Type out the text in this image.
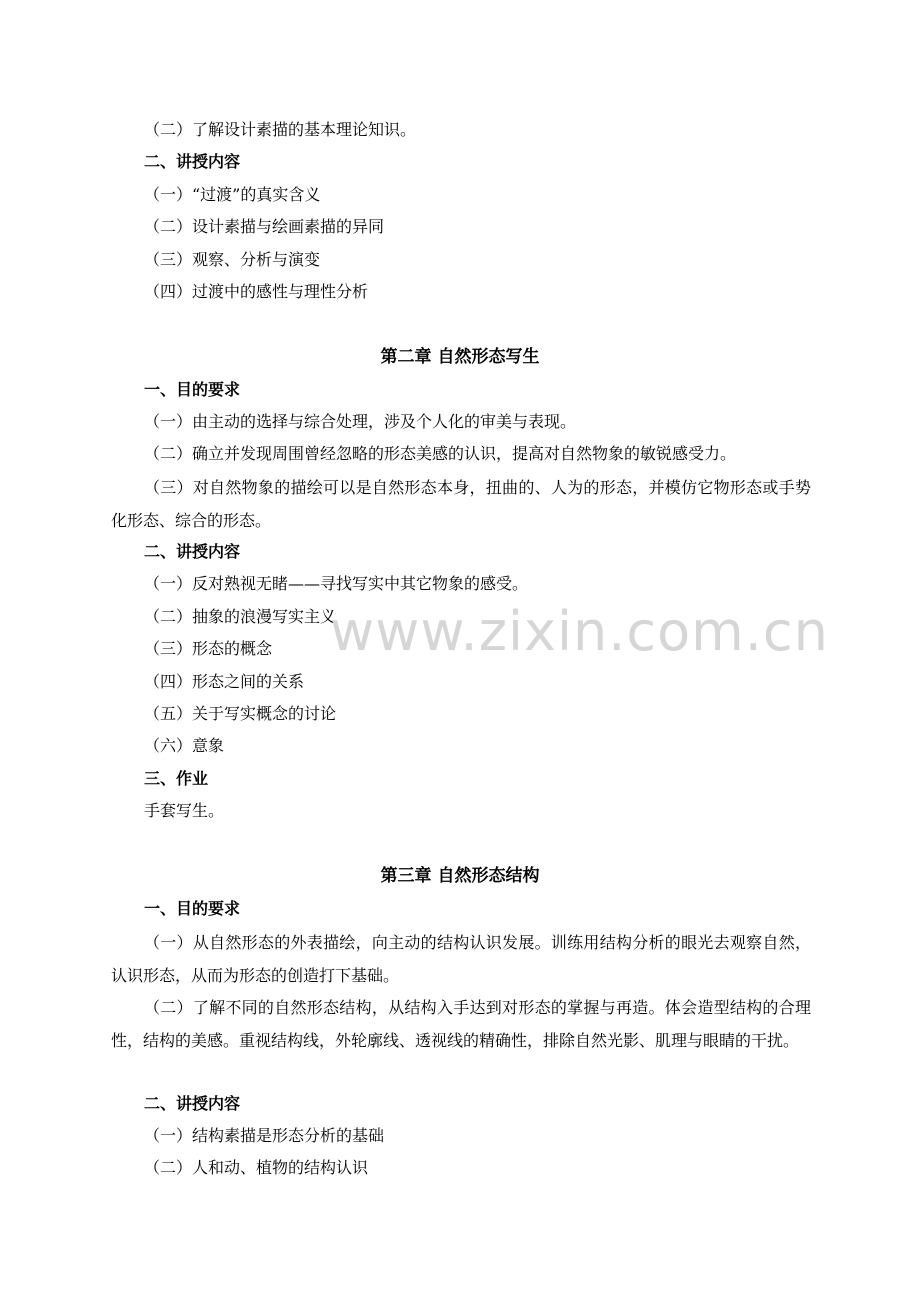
（二）了解设计素描的基本理论知识。
二、讲授内容
（一）“过渡”的真实含义
（二）设计素描与绘画素描的异同
（三）观察、分析与演变
（四）过渡中的感性与理性分析
第二章 自然形态写生
一、目的要求
（一）由主动的选择与综合处理，涉及个人化的审美与表现。
（二）确立并发现周围曾经忽略的形态美感的认识，提高对自然物象的敏锐感受力。
（三）对自然物象的描绘可以是自然形态本身，扭曲的、人为的形态，并模仿它物形态或手势化形态、综合的形态。
二、讲授内容
（一）反对熟视无睹——寻找写实中其它物象的感受。
（二）抽象的浪漫写实主义
（三）形态的概念
（四）形态之间的关系
（五）关于写实概念的讨论
（六）意象
三、作业
手套写生。
第三章 自然形态结构
一、目的要求
（一）从自然形态的外表描绘，向主动的结构认识发展。训练用结构分析的眼光去观察自然，认识形态，从而为形态的创造打下基础。
（二）了解不同的自然形态结构，从结构入手达到对形态的掌握与再造。体会造型结构的合理性，结构的美感。重视结构线，外轮廓线、透视线的精确性，排除自然光影、肌理与眼睛的干扰。
二、讲授内容
（一）结构素描是形态分析的基础
（二）人和动、植物的结构认识
www.zixin.com.cn
